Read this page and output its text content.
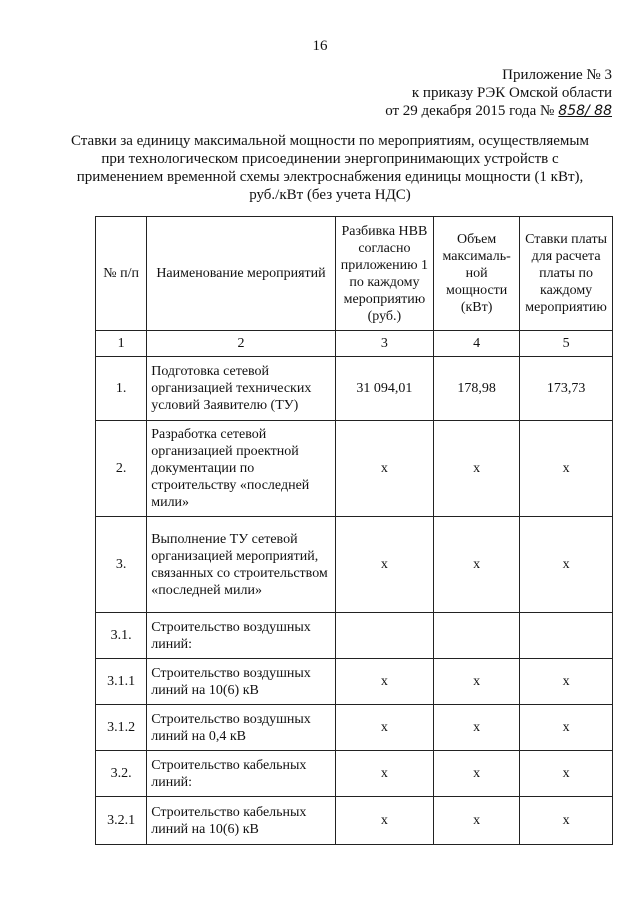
16
Приложение № 3
к приказу РЭК Омской области
от 29 декабря 2015 года № 858/ 88
Ставки за единицу максимальной мощности по мероприятиям, осуществляемым при технологическом присоединении энергопринимающих устройств с применением временной схемы электроснабжения единицы мощности (1 кВт), руб./кВт (без учета НДС)
№ п/п	Наименование мероприятий	Разбивка НВВ согласно приложению 1 по каждому мероприятию (руб.)	Объем максималь-ной мощности (кВт)	Ставки платы для расчета платы по каждому мероприятию
1	2	3	4	5
1.	Подготовка сетевой организацией технических условий Заявителю (ТУ)	31 094,01	178,98	173,73
2.	Разработка сетевой организацией проектной документации по строительству «последней мили»	х	х	х
3.	Выполнение ТУ сетевой организацией мероприятий, связанных со строительством «последней мили»	х	х	х
3.1.	Строительство воздушных линий:			
3.1.1	Строительство воздушных линий на 10(6) кВ	х	х	х
3.1.2	Строительство воздушных линий на 0,4 кВ	х	х	х
3.2.	Строительство кабельных линий:	х	х	х
3.2.1	Строительство кабельных линий на 10(6) кВ	х	х	х
